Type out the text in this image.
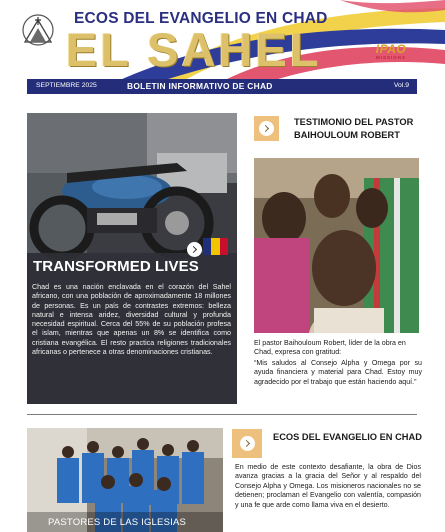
ECOS DEL EVANGELIO EN CHAD
EL SAHEL	IPAO
MISSIONS
SEPTIEMBRE 2025	BOLETIN INFORMATIVO DE CHAD	Vol.9
TRANSFORMED LIVES
Chad es una nación enclavada en el corazón del Sahel africano, con una población de aproximadamente 18 millones de personas. Es un país de contrastes extremos: belleza natural e intensa aridez, diversidad cultural y profunda necesidad espiritual. Cerca del 55% de su población profesa el islam, mientras que apenas un 8% se identifica como cristiana evangélica. El resto practica religiones tradicionales africanas o pertenece a otras denominaciones cristianas.
TESTIMONIO DEL PASTOR BAIHOULOUM ROBERT
El pastor Baihouloum Robert, líder de la obra en Chad, expresa con gratitud:
“Mis saludos al Consejo Alpha y Omega por su ayuda financiera y material para Chad. Estoy muy agradecido por el trabajo que están haciendo aquí.”
PASTORES DE LAS IGLESIAS
ECOS DEL EVANGELIO EN CHAD
En medio de este contexto desafiante, la obra de Dios avanza gracias a la gracia del Señor y al respaldo del Consejo Alpha y Omega. Los misioneros nacionales no se detienen; proclaman el Evangelio con valentía, compasión y una fe que arde como llama viva en el desierto.
